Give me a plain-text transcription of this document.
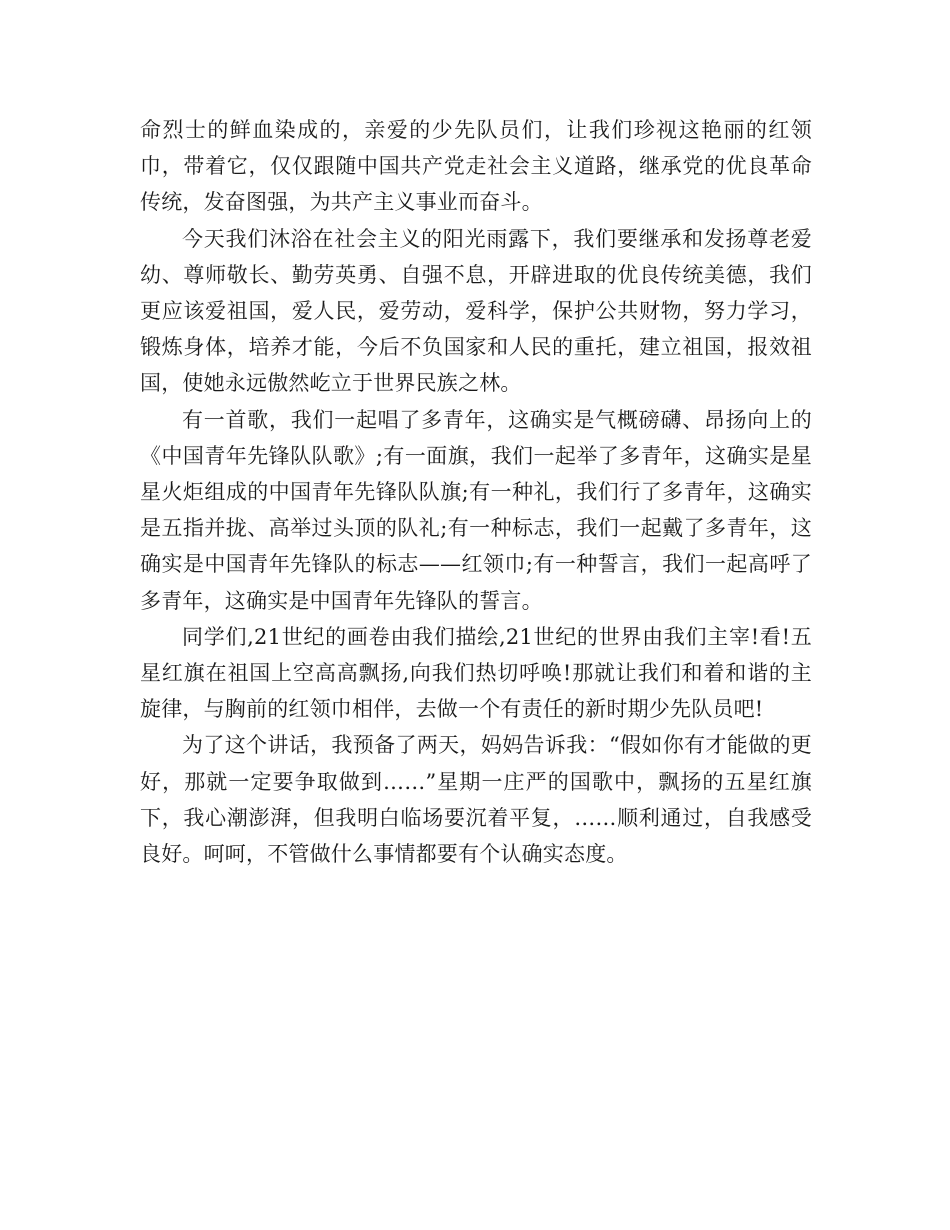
命烈士的鲜血染成的，亲爱的少先队员们，让我们珍视这艳丽的红领巾，带着它，仅仅跟随中国共产党走社会主义道路，继承党的优良革命传统，发奋图强，为共产主义事业而奋斗。

今天我们沐浴在社会主义的阳光雨露下，我们要继承和发扬尊老爱幼、尊师敬长、勤劳英勇、自强不息，开辟进取的优良传统美德，我们更应该爱祖国，爱人民，爱劳动，爱科学，保护公共财物，努力学习，锻炼身体，培养才能，今后不负国家和人民的重托，建立祖国，报效祖国，使她永远傲然屹立于世界民族之林。

有一首歌，我们一起唱了多青年，这确实是气概磅礴、昂扬向上的《中国青年先锋队队歌》;有一面旗，我们一起举了多青年，这确实是星星火炬组成的中国青年先锋队队旗;有一种礼，我们行了多青年，这确实是五指并拢、高举过头顶的队礼;有一种标志，我们一起戴了多青年，这确实是中国青年先锋队的标志——红领巾;有一种誓言，我们一起高呼了多青年，这确实是中国青年先锋队的誓言。

同学们,21世纪的画卷由我们描绘,21世纪的世界由我们主宰!看!五星红旗在祖国上空高高飘扬,向我们热切呼唤!那就让我们和着和谐的主旋律，与胸前的红领巾相伴，去做一个有责任的新时期少先队员吧!

为了这个讲话，我预备了两天，妈妈告诉我：“假如你有才能做的更好，那就一定要争取做到……”星期一庄严的国歌中，飘扬的五星红旗下，我心潮澎湃，但我明白临场要沉着平复，……顺利通过，自我感受良好。呵呵，不管做什么事情都要有个认确实态度。
